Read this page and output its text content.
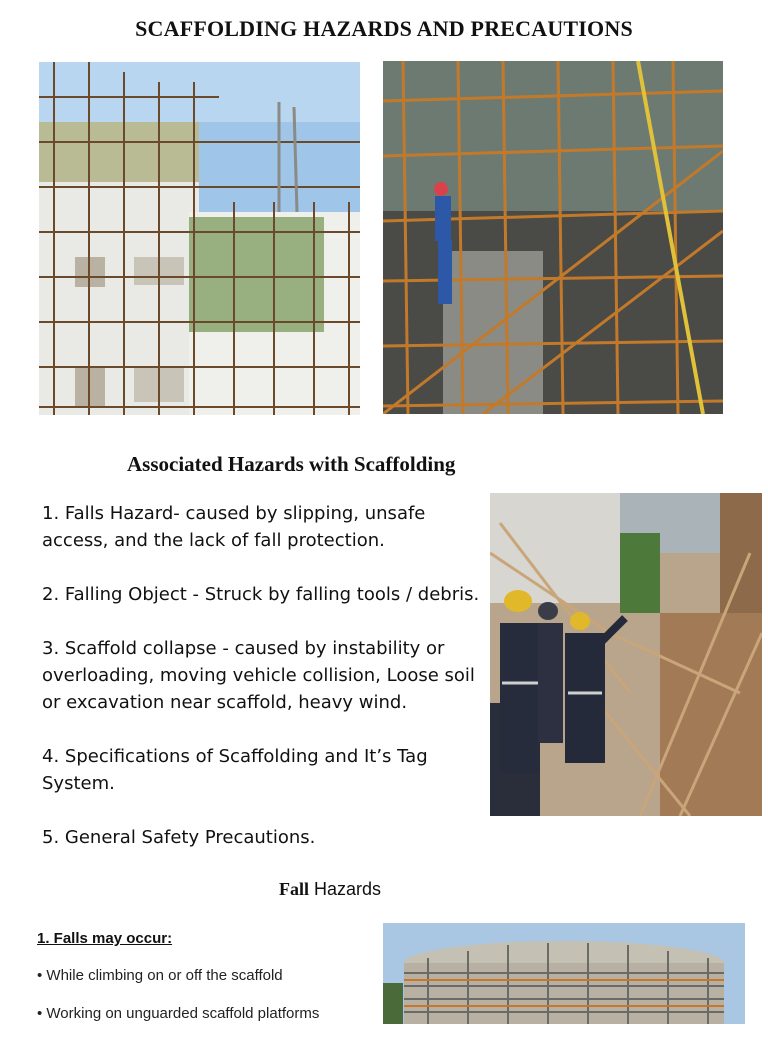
SCAFFOLDING HAZARDS AND PRECAUTIONS
Associated Hazards with Scaffolding
1. Falls Hazard- caused by slipping, unsafe access, and the lack of fall protection.
2. Falling Object - Struck by falling tools / debris.
3. Scaffold collapse - caused by instability or overloading, moving vehicle collision, Loose soil or excavation near scaffold, heavy wind.
4. Specifications of Scaffolding and It’s Tag System.
5. General Safety Precautions.
Fall Hazards
1. Falls may occur:
• While climbing on or off the scaffold
• Working on unguarded scaffold platforms
